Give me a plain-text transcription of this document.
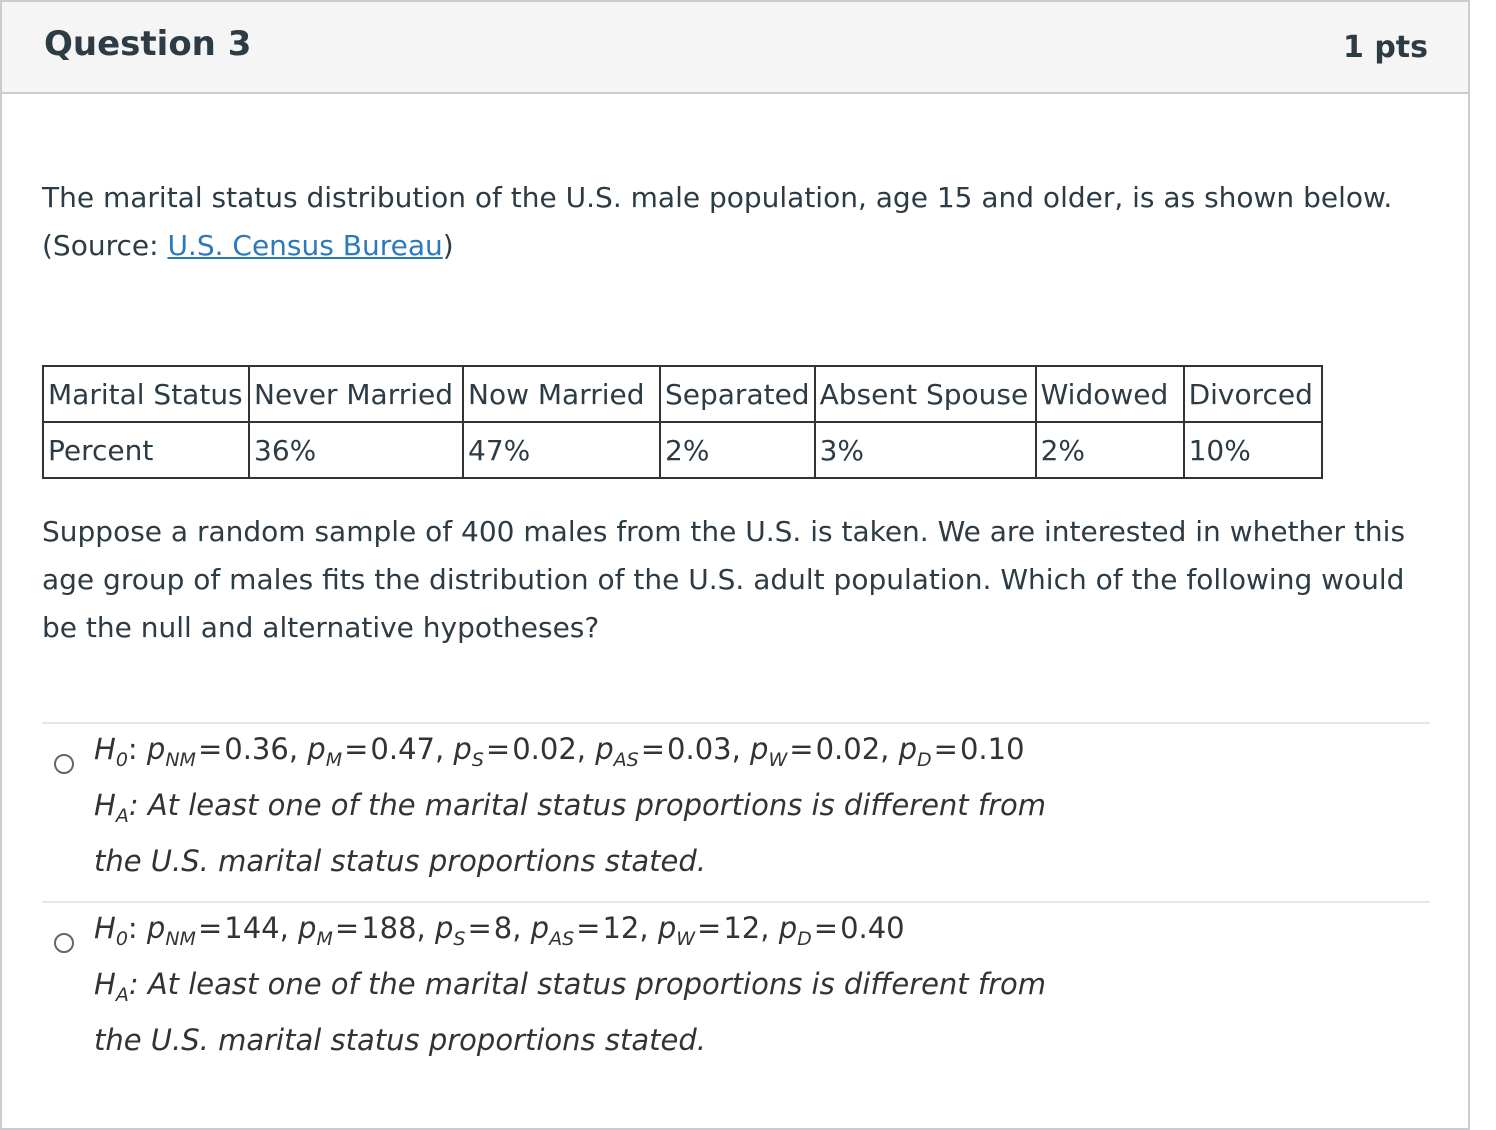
Question 3	1 pts
The marital status distribution of the U.S. male population, age 15 and older, is as shown below.
(Source: U.S. Census Bureau)
Marital Status	Never Married	Now Married	Separated	Absent Spouse	Widowed	Divorced
Percent	36%	47%	2%	3%	2%	10%
Suppose a random sample of 400 males from the U.S. is taken. We are interested in whether this age group of males fits the distribution of the U.S. adult population. Which of the following would be the null and alternative hypotheses?
$H_0$: $p_{NM}=0.36$, $p_M=0.47$, $p_S=0.02$, $p_{AS}=0.03$, $p_W=0.02$, $p_D=0.10$
$H_A$: At least one of the marital status proportions is different from
the U.S. marital status proportions stated.
$H_0$: $p_{NM}=144$, $p_M=188$, $p_S=8$, $p_{AS}=12$, $p_W=12$, $p_D=0.40$
$H_A$: At least one of the marital status proportions is different from
the U.S. marital status proportions stated.
